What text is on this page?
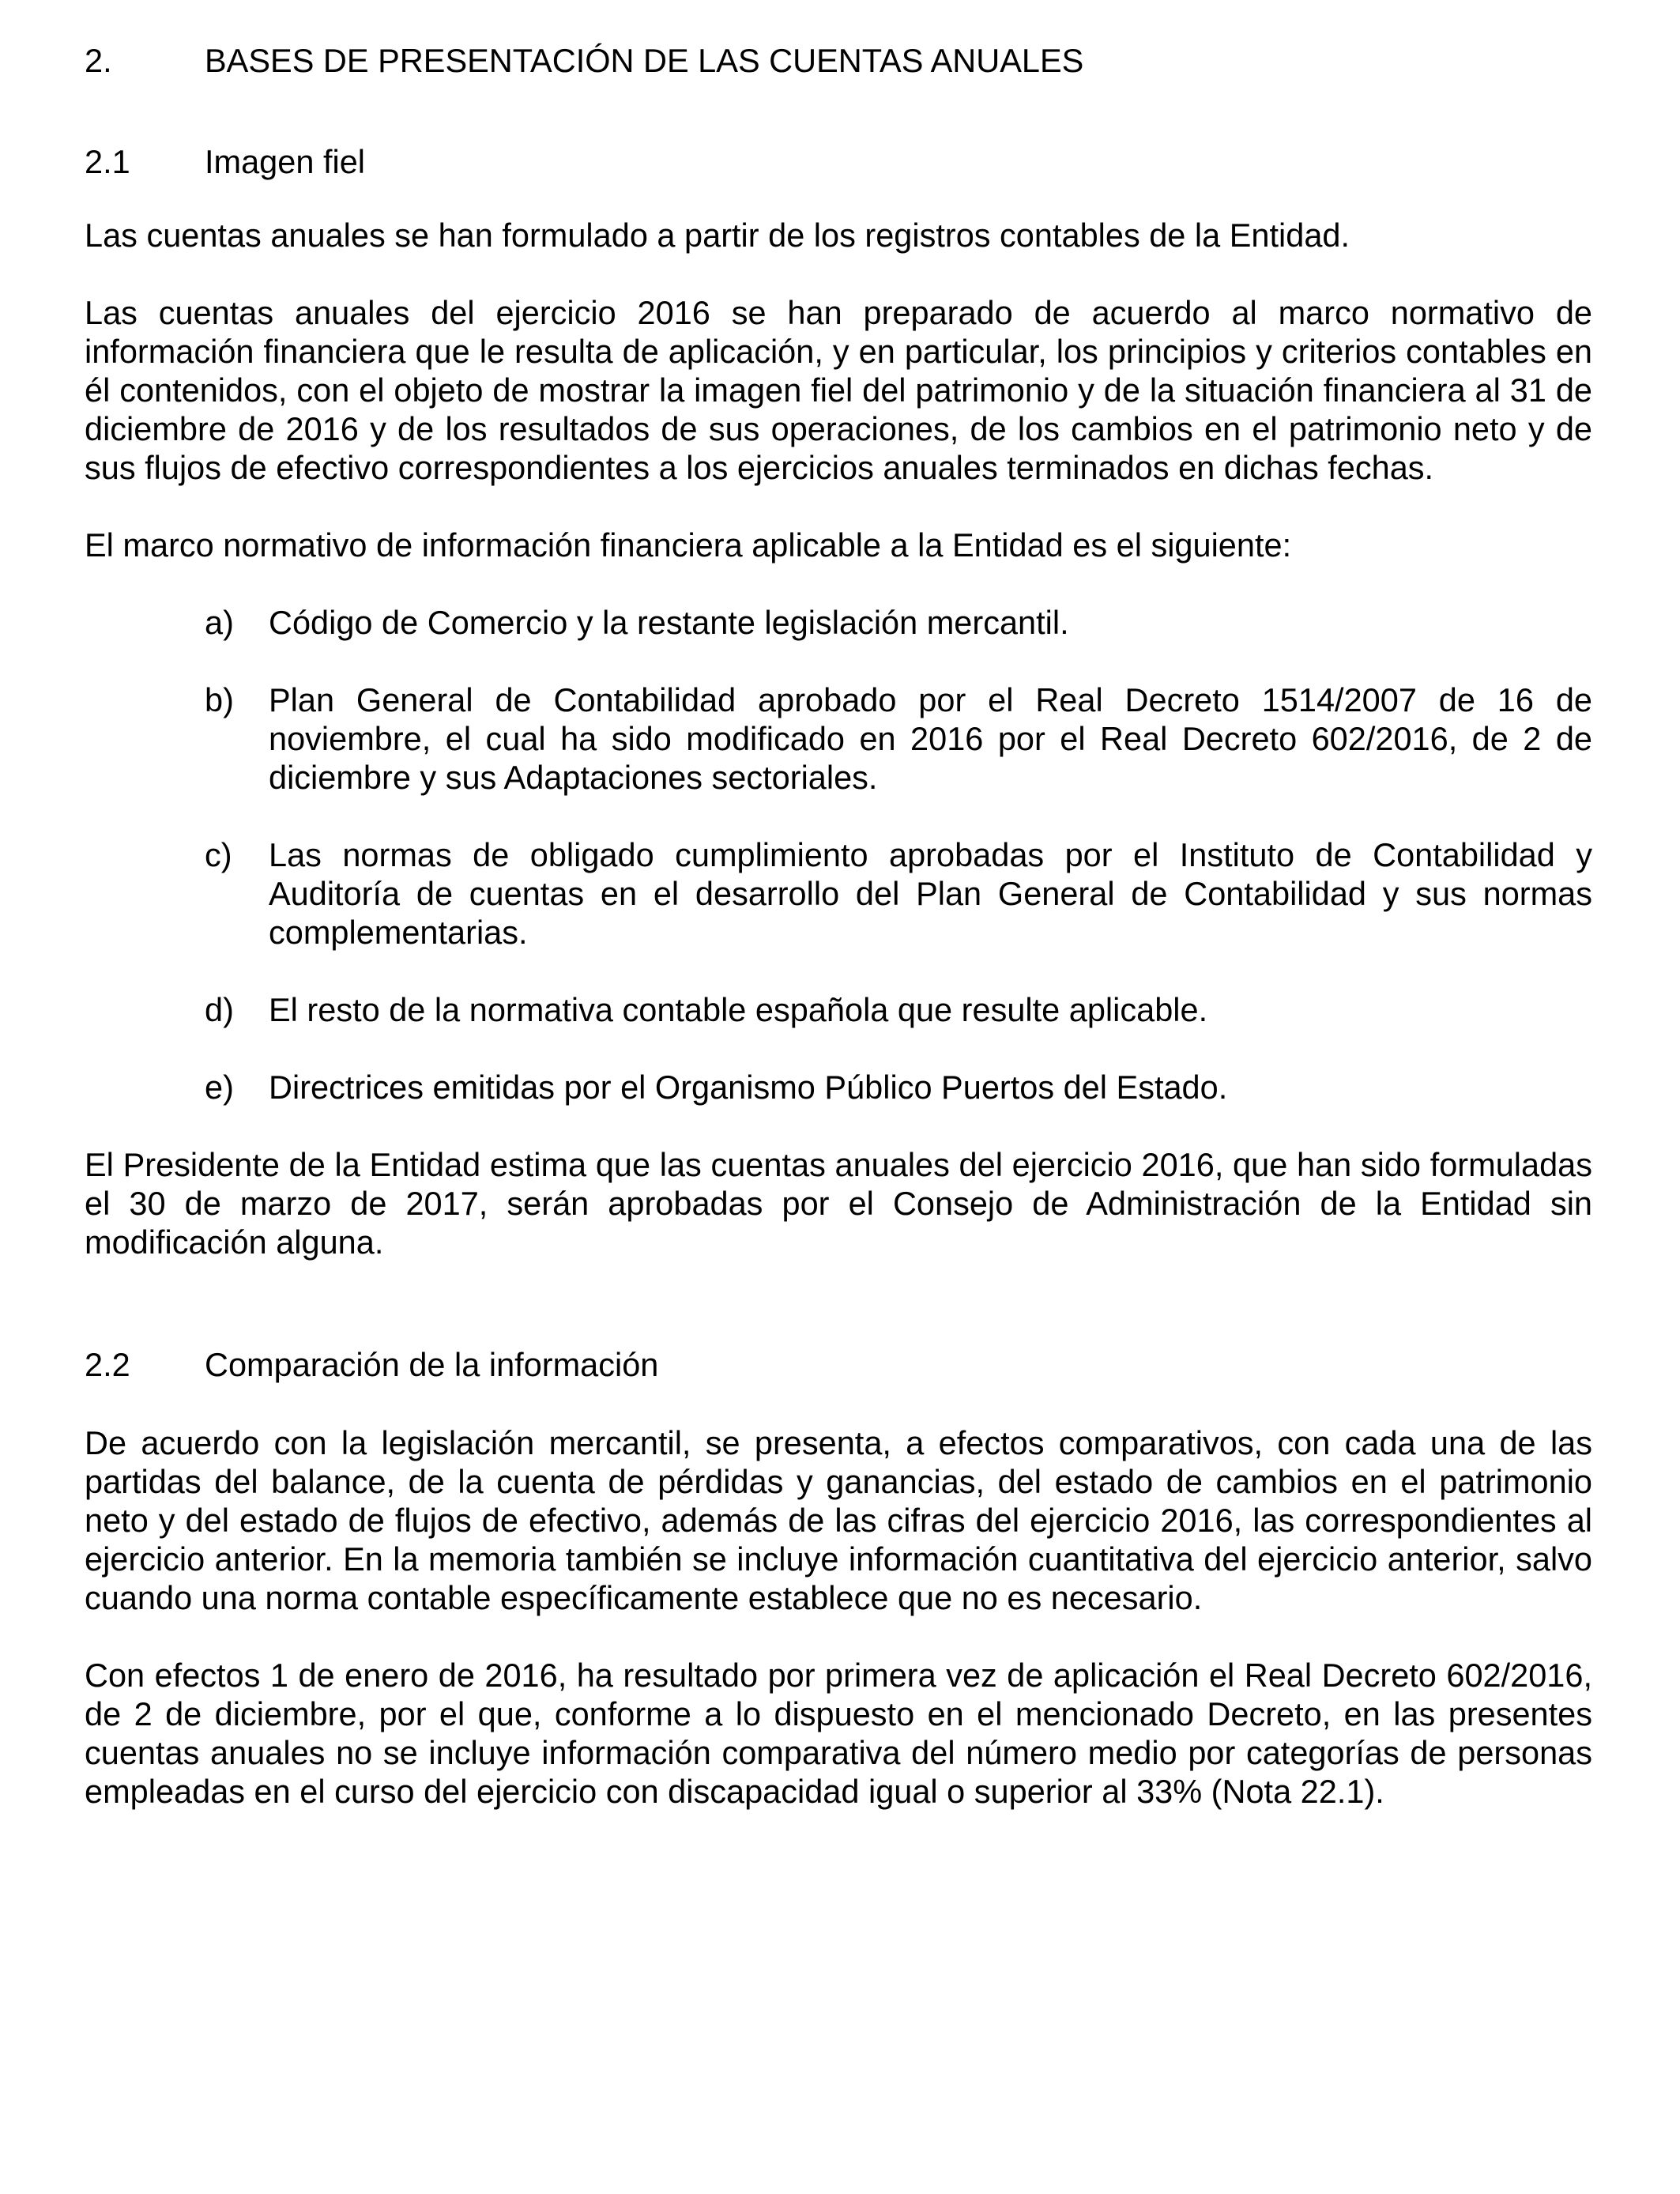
2.	BASES DE PRESENTACIÓN DE LAS CUENTAS ANUALES
2.1	Imagen fiel

Las cuentas anuales se han formulado a partir de los registros contables de la Entidad.

Las cuentas anuales del ejercicio 2016 se han preparado de acuerdo al marco normativo de información financiera que le resulta de aplicación, y en particular, los principios y criterios contables en él contenidos, con el objeto de mostrar la imagen fiel del patrimonio y de la situación financiera al 31 de diciembre de 2016 y de los resultados de sus operaciones, de los cambios en el patrimonio neto y de sus flujos de efectivo correspondientes a los ejercicios anuales terminados en dichas fechas.

El marco normativo de información financiera aplicable a la Entidad es el siguiente:

a)	Código de Comercio y la restante legislación mercantil.
b)	Plan General de Contabilidad aprobado por el Real Decreto 1514/2007 de 16 de noviembre, el cual ha sido modificado en 2016 por el Real Decreto 602/2016, de 2 de diciembre y sus Adaptaciones sectoriales.
c)	Las normas de obligado cumplimiento aprobadas por el Instituto de Contabilidad y Auditoría de cuentas en el desarrollo del Plan General de Contabilidad y sus normas complementarias.
d)	El resto de la normativa contable española que resulte aplicable.
e)	Directrices emitidas por el Organismo Público Puertos del Estado.

El Presidente de la Entidad estima que las cuentas anuales del ejercicio 2016, que han sido formuladas el 30 de marzo de 2017, serán aprobadas por el Consejo de Administración de la Entidad sin modificación alguna.

2.2	Comparación de la información

De acuerdo con la legislación mercantil, se presenta, a efectos comparativos, con cada una de las partidas del balance, de la cuenta de pérdidas y ganancias, del estado de cambios en el patrimonio neto y del estado de flujos de efectivo, además de las cifras del ejercicio 2016, las correspondientes al ejercicio anterior. En la memoria también se incluye información cuantitativa del ejercicio anterior, salvo cuando una norma contable específicamente establece que no es necesario.

Con efectos 1 de enero de 2016, ha resultado por primera vez de aplicación el Real Decreto 602/2016, de 2 de diciembre, por el que, conforme a lo dispuesto en el mencionado Decreto, en las presentes cuentas anuales no se incluye información comparativa del número medio por categorías de personas empleadas en el curso del ejercicio con discapacidad igual o superior al 33% (Nota 22.1).
